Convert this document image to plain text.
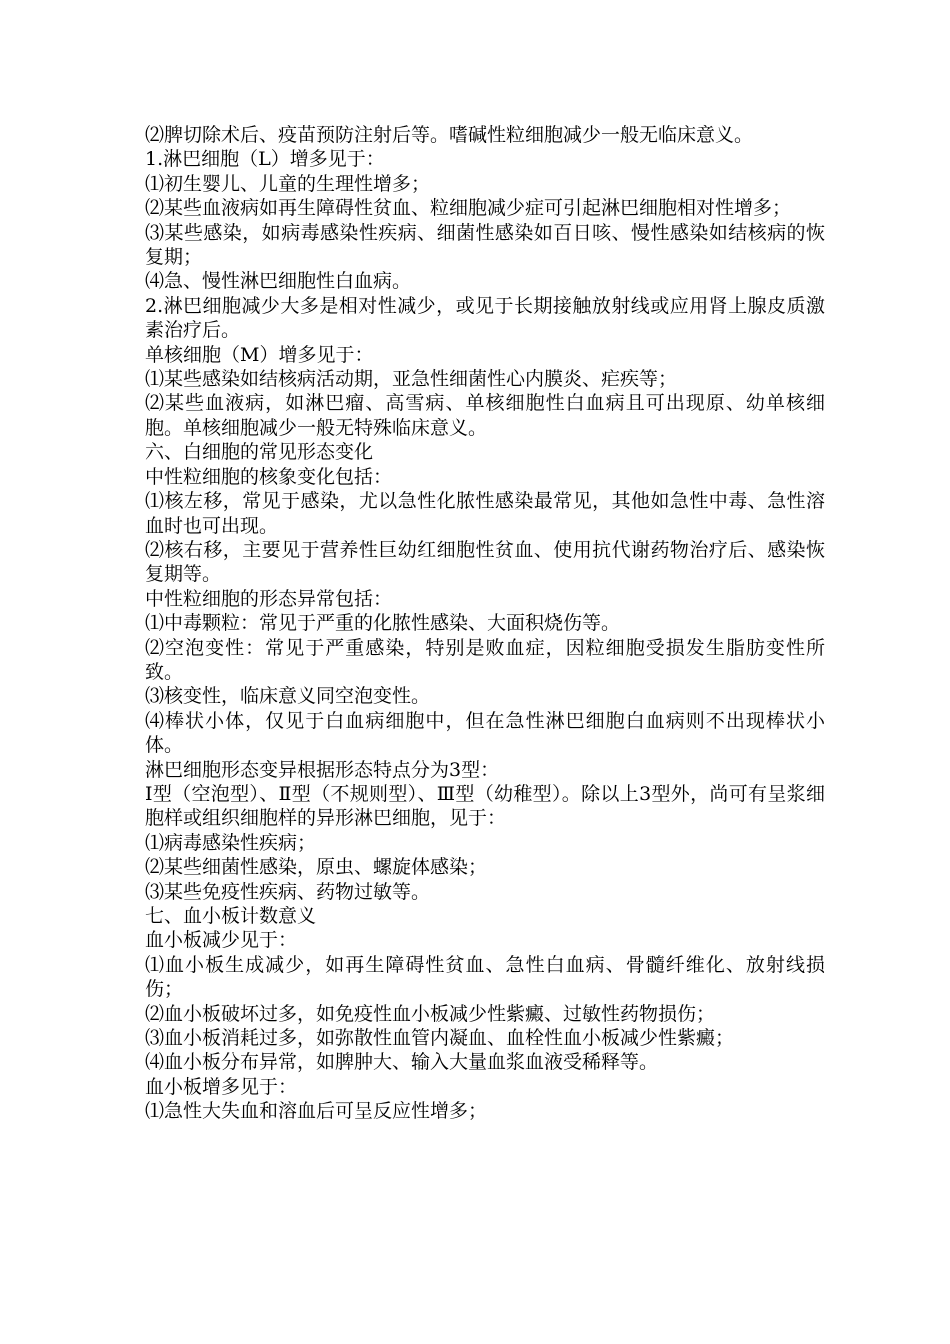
⑵脾切除术后、疫苗预防注射后等。嗜碱性粒细胞减少一般无临床意义。

1.淋巴细胞（L）增多见于：

⑴初生婴儿、儿童的生理性增多；

⑵某些血液病如再生障碍性贫血、粒细胞减少症可引起淋巴细胞相对性增多；

⑶某些感染，如病毒感染性疾病、细菌性感染如百日咳、慢性感染如结核病的恢复期；

⑷急、慢性淋巴细胞性白血病。

2.淋巴细胞减少大多是相对性减少，或见于长期接触放射线或应用肾上腺皮质激素治疗后。

单核细胞（M）增多见于：

⑴某些感染如结核病活动期，亚急性细菌性心内膜炎、疟疾等；

⑵某些血液病，如淋巴瘤、高雪病、单核细胞性白血病且可出现原、幼单核细胞。单核细胞减少一般无特殊临床意义。

六、白细胞的常见形态变化

中性粒细胞的核象变化包括：

⑴核左移，常见于感染，尤以急性化脓性感染最常见，其他如急性中毒、急性溶血时也可出现。

⑵核右移，主要见于营养性巨幼红细胞性贫血、使用抗代谢药物治疗后、感染恢复期等。

中性粒细胞的形态异常包括：

⑴中毒颗粒：常见于严重的化脓性感染、大面积烧伤等。

⑵空泡变性：常见于严重感染，特别是败血症，因粒细胞受损发生脂肪变性所致。

⑶核变性，临床意义同空泡变性。

⑷棒状小体，仅见于白血病细胞中，但在急性淋巴细胞白血病则不出现棒状小体。

淋巴细胞形态变异根据形态特点分为3型：

Ⅰ型（空泡型）、Ⅱ型（不规则型）、Ⅲ型（幼稚型）。除以上3型外，尚可有呈浆细胞样或组织细胞样的异形淋巴细胞，见于：

⑴病毒感染性疾病；

⑵某些细菌性感染，原虫、螺旋体感染；

⑶某些免疫性疾病、药物过敏等。

七、血小板计数意义

血小板减少见于：

⑴血小板生成减少，如再生障碍性贫血、急性白血病、骨髓纤维化、放射线损伤；

⑵血小板破坏过多，如免疫性血小板减少性紫癜、过敏性药物损伤；

⑶血小板消耗过多，如弥散性血管内凝血、血栓性血小板减少性紫癜；

⑷血小板分布异常，如脾肿大、输入大量血浆血液受稀释等。

血小板增多见于：

⑴急性大失血和溶血后可呈反应性增多；
